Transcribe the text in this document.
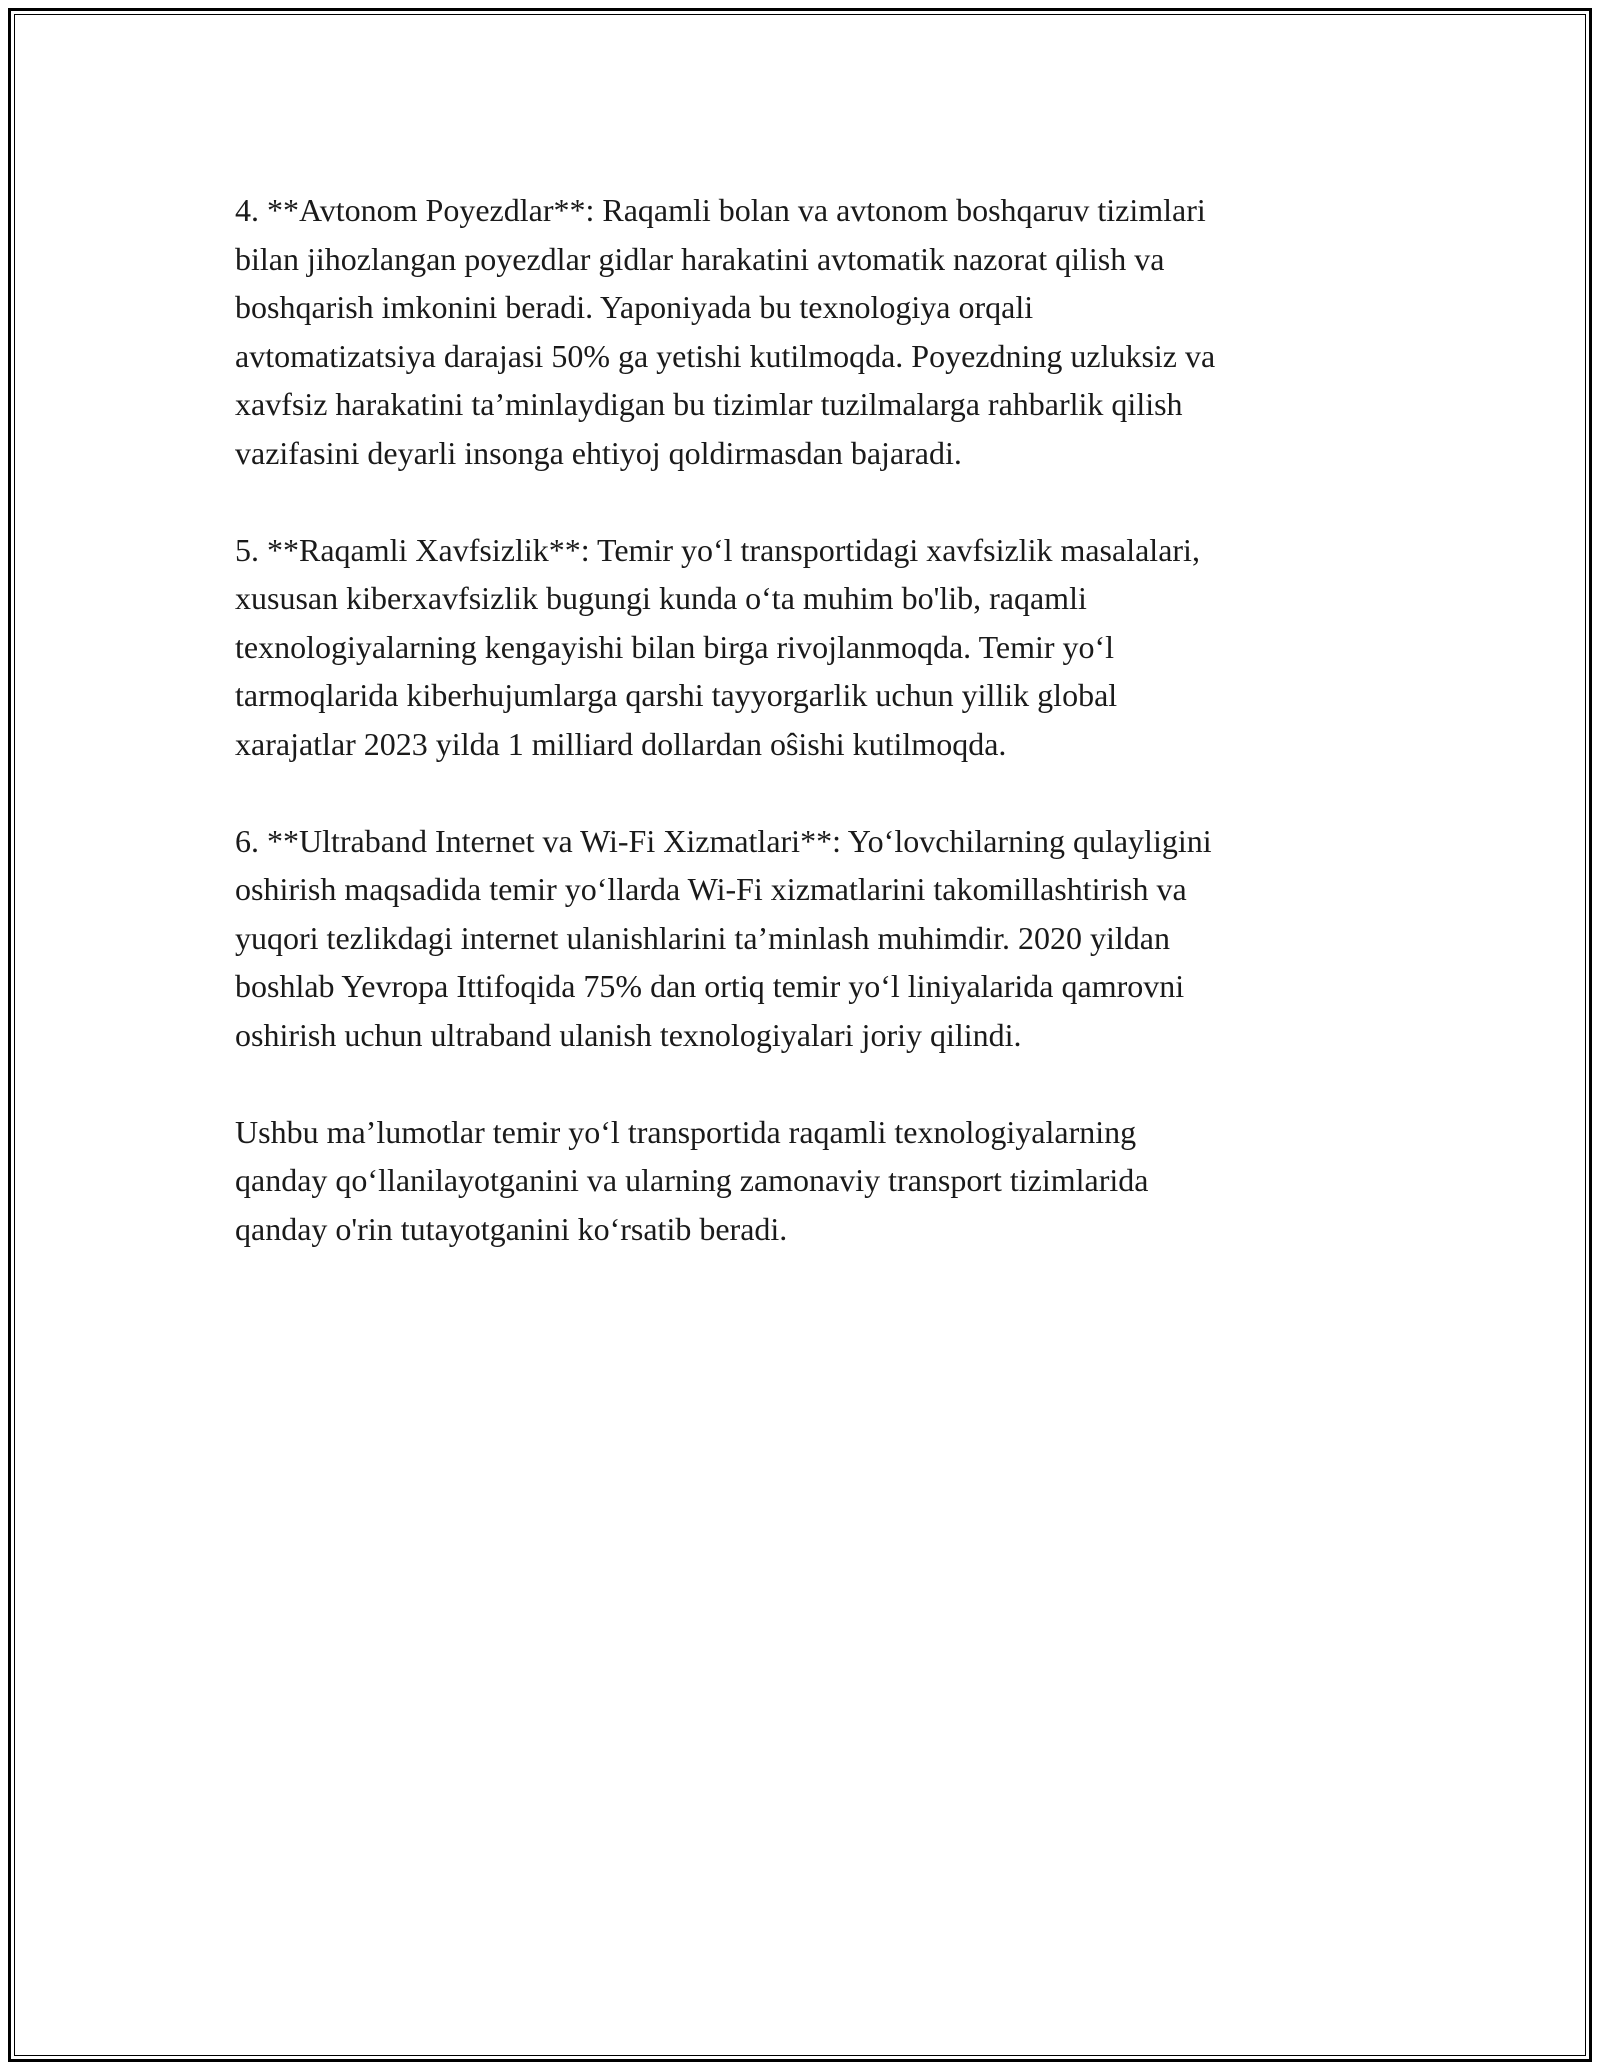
4. **Avtonom Poyezdlar**: Raqamli bolan va avtonom boshqaruv tizimlari
bilan jihozlangan poyezdlar gidlar harakatini avtomatik nazorat qilish va
boshqarish imkonini beradi. Yaponiyada bu texnologiya orqali
avtomatizatsiya darajasi 50% ga yetishi kutilmoqda. Poyezdning uzluksiz va
xavfsiz harakatini ta’minlaydigan bu tizimlar tuzilmalarga rahbarlik qilish
vazifasini deyarli insonga ehtiyoj qoldirmasdan bajaradi.

5. **Raqamli Xavfsizlik**: Temir yo‘l transportidagi xavfsizlik masalalari,
xususan kiberxavfsizlik bugungi kunda o‘ta muhim bo'lib, raqamli
texnologiyalarning kengayishi bilan birga rivojlanmoqda. Temir yo‘l
tarmoqlarida kiberhujumlarga qarshi tayyorgarlik uchun yillik global
xarajatlar 2023 yilda 1 milliard dollardan oŝishi kutilmoqda.

6. **Ultraband Internet va Wi-Fi Xizmatlari**: Yo‘lovchilarning qulayligini
oshirish maqsadida temir yo‘llarda Wi-Fi xizmatlarini takomillashtirish va
yuqori tezlikdagi internet ulanishlarini ta’minlash muhimdir. 2020 yildan
boshlab Yevropa Ittifoqida 75% dan ortiq temir yo‘l liniyalarida qamrovni
oshirish uchun ultraband ulanish texnologiyalari joriy qilindi.

Ushbu ma’lumotlar temir yo‘l transportida raqamli texnologiyalarning
qanday qo‘llanilayotganini va ularning zamonaviy transport tizimlarida
qanday o'rin tutayotganini ko‘rsatib beradi.
